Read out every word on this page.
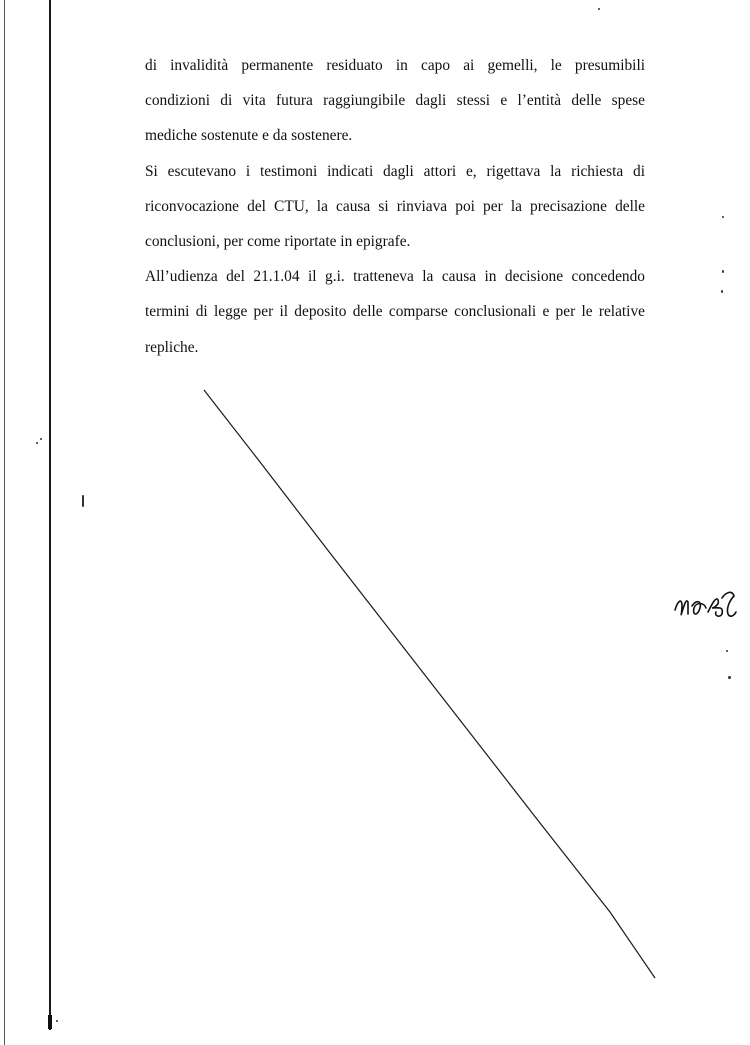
di invalidità permanente residuato in capo ai gemelli, le presumibili

condizioni di vita futura raggiungibile dagli stessi e l’entità delle spese

mediche sostenute e da sostenere.

Si escutevano i testimoni indicati dagli attori e, rigettava la richiesta di

riconvocazione del CTU, la causa si rinviava poi per la precisazione delle

conclusioni, per come riportate in epigrafe.

All’udienza del 21.1.04 il g.i. tratteneva la causa in decisione concedendo

termini di legge per il deposito delle comparse conclusionali e per le relative

repliche.
